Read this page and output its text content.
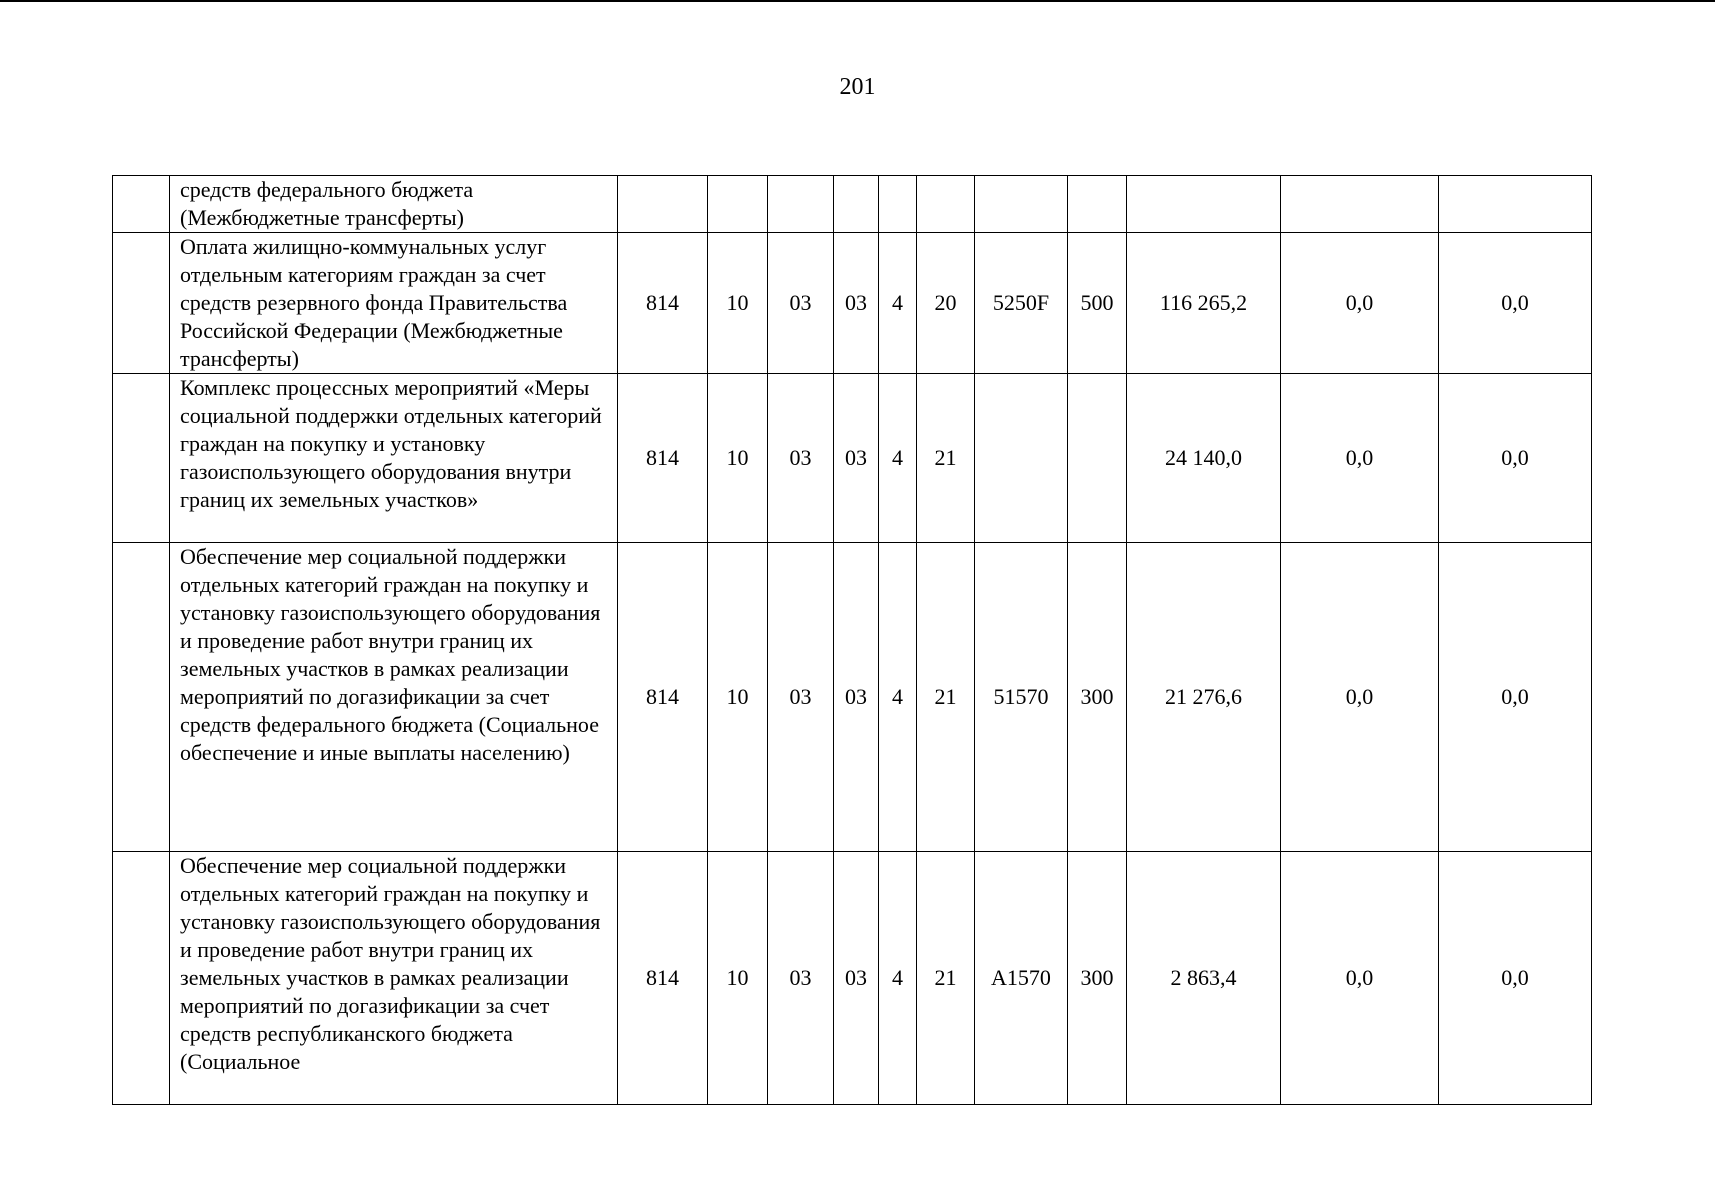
201
	средств федерального бюджета (Межбюджетные трансферты)											
	Оплата жилищно-коммунальных услуг отдельным категориям граждан за счет средств резервного фонда Правительства Российской Федерации (Межбюджетные трансферты)	814	10	03	03	4	20	5250F	500	116 265,2	0,0	0,0
	Комплекс процессных мероприятий «Меры социальной поддержки отдельных категорий граждан на покупку и установку газоиспользующего оборудования внутри границ их земельных участков»	814	10	03	03	4	21			24 140,0	0,0	0,0
	Обеспечение мер социальной поддержки отдельных категорий граждан на покупку и установку газоиспользующего оборудования и проведение работ внутри границ их земельных участков в рамках реализации мероприятий по догазификации за счет средств федерального бюджета (Социальное обеспечение и иные выплаты населению)	814	10	03	03	4	21	51570	300	21 276,6	0,0	0,0
	Обеспечение мер социальной поддержки отдельных категорий граждан на покупку и установку газоиспользующего оборудования и проведение работ внутри границ их земельных участков в рамках реализации мероприятий по догазификации за счет средств республиканского бюджета (Социальное	814	10	03	03	4	21	А1570	300	2 863,4	0,0	0,0
